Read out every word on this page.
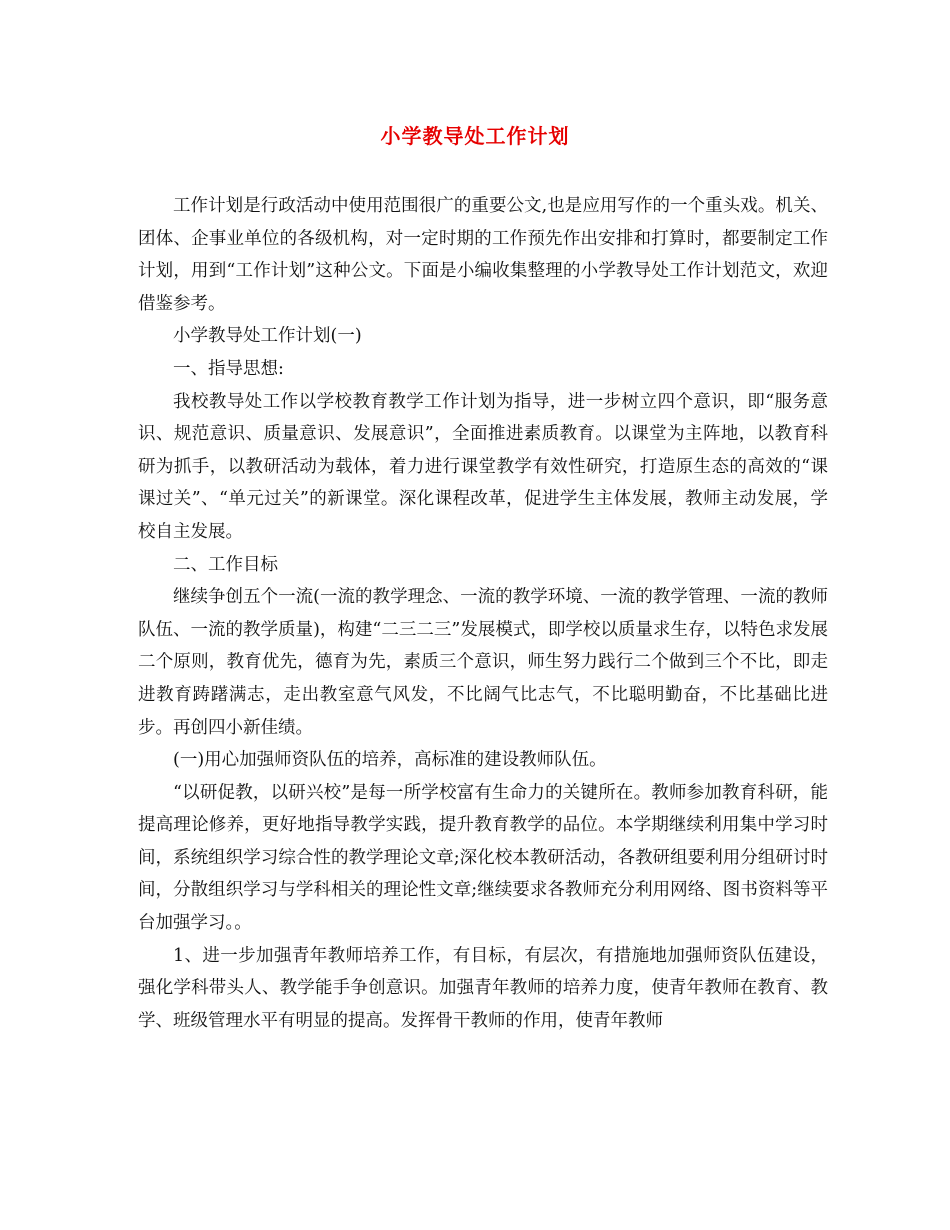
小学教导处工作计划

工作计划是行政活动中使用范围很广的重要公文,也是应用写作的一个重头戏。机关、团体、企事业单位的各级机构，对一定时期的工作预先作出安排和打算时，都要制定工作计划，用到“工作计划”这种公文。下面是小编收集整理的小学教导处工作计划范文，欢迎借鉴参考。

小学教导处工作计划(一)

一、指导思想:

我校教导处工作以学校教育教学工作计划为指导，进一步树立四个意识，即“服务意识、规范意识、质量意识、发展意识”，全面推进素质教育。以课堂为主阵地，以教育科研为抓手，以教研活动为载体，着力进行课堂教学有效性研究，打造原生态的高效的“课课过关”、“单元过关”的新课堂。深化课程改革，促进学生主体发展，教师主动发展，学校自主发展。

二、工作目标

继续争创五个一流(一流的教学理念、一流的教学环境、一流的教学管理、一流的教师队伍、一流的教学质量)，构建“二三二三”发展模式，即学校以质量求生存，以特色求发展二个原则，教育优先，德育为先，素质三个意识，师生努力践行二个做到三个不比，即走进教育踌躇满志，走出教室意气风发，不比阔气比志气，不比聪明勤奋，不比基础比进步。再创四小新佳绩。

(一)用心加强师资队伍的培养，高标准的建设教师队伍。

“以研促教，以研兴校”是每一所学校富有生命力的关键所在。教师参加教育科研，能提高理论修养，更好地指导教学实践，提升教育教学的品位。本学期继续利用集中学习时间，系统组织学习综合性的教学理论文章;深化校本教研活动，各教研组要利用分组研讨时间，分散组织学习与学科相关的理论性文章;继续要求各教师充分利用网络、图书资料等平台加强学习。。

1、进一步加强青年教师培养工作，有目标，有层次，有措施地加强师资队伍建设，强化学科带头人、教学能手争创意识。加强青年教师的培养力度，使青年教师在教育、教学、班级管理水平有明显的提高。发挥骨干教师的作用，使青年教师
